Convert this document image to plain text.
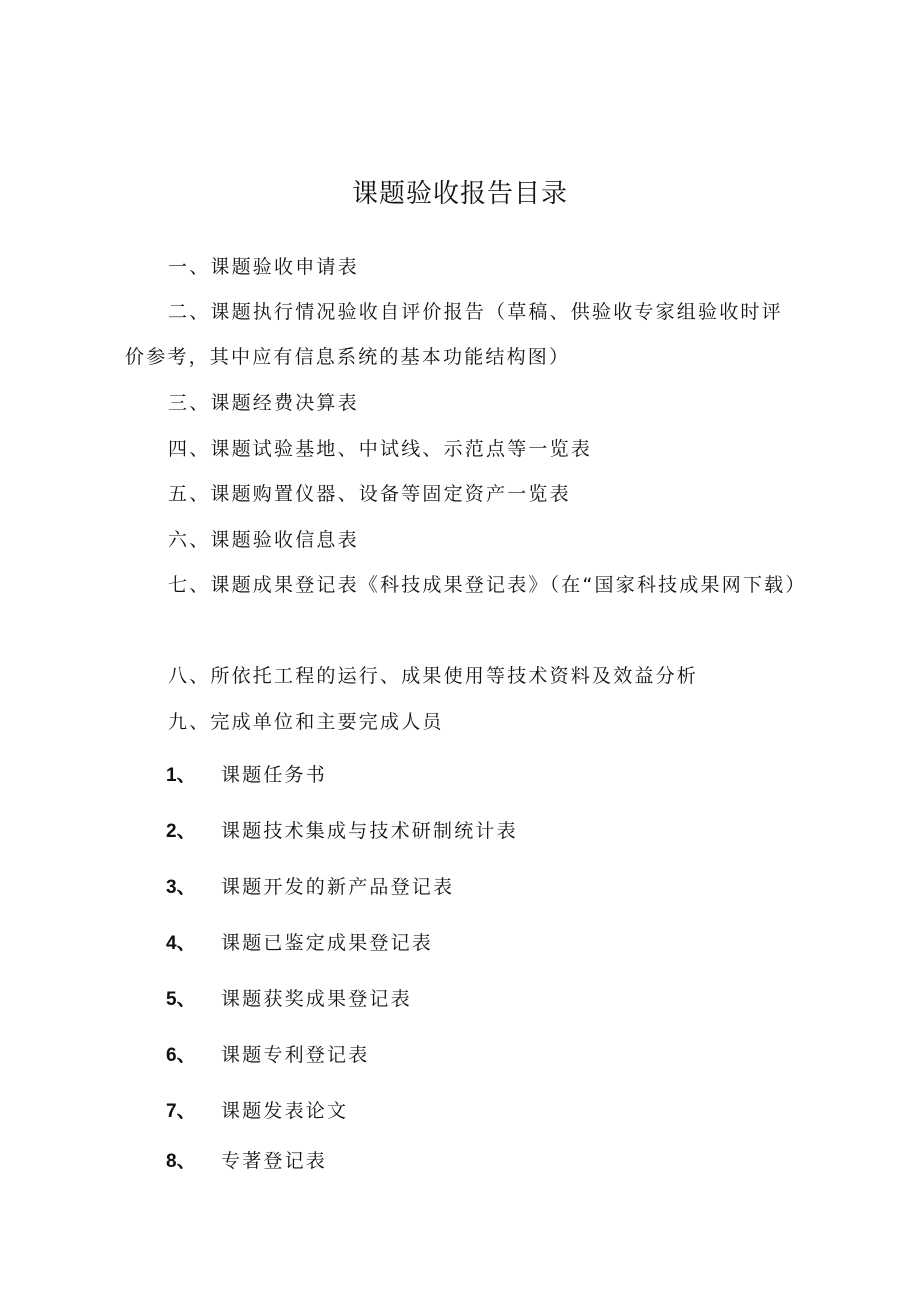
课题验收报告目录
一、课题验收申请表
二、课题执行情况验收自评价报告（草稿、供验收专家组验收时评价参考，其中应有信息系统的基本功能结构图）
三、课题经费决算表
四、课题试验基地、中试线、示范点等一览表
五、课题购置仪器、设备等固定资产一览表
六、课题验收信息表
七、课题成果登记表《科技成果登记表》（在“国家科技成果网下载）
八、所依托工程的运行、成果使用等技术资料及效益分析
九、完成单位和主要完成人员
1、 课题任务书
2、 课题技术集成与技术研制统计表
3、 课题开发的新产品登记表
4、 课题已鉴定成果登记表
5、 课题获奖成果登记表
6、 课题专利登记表
7、 课题发表论文
8、 专著登记表
